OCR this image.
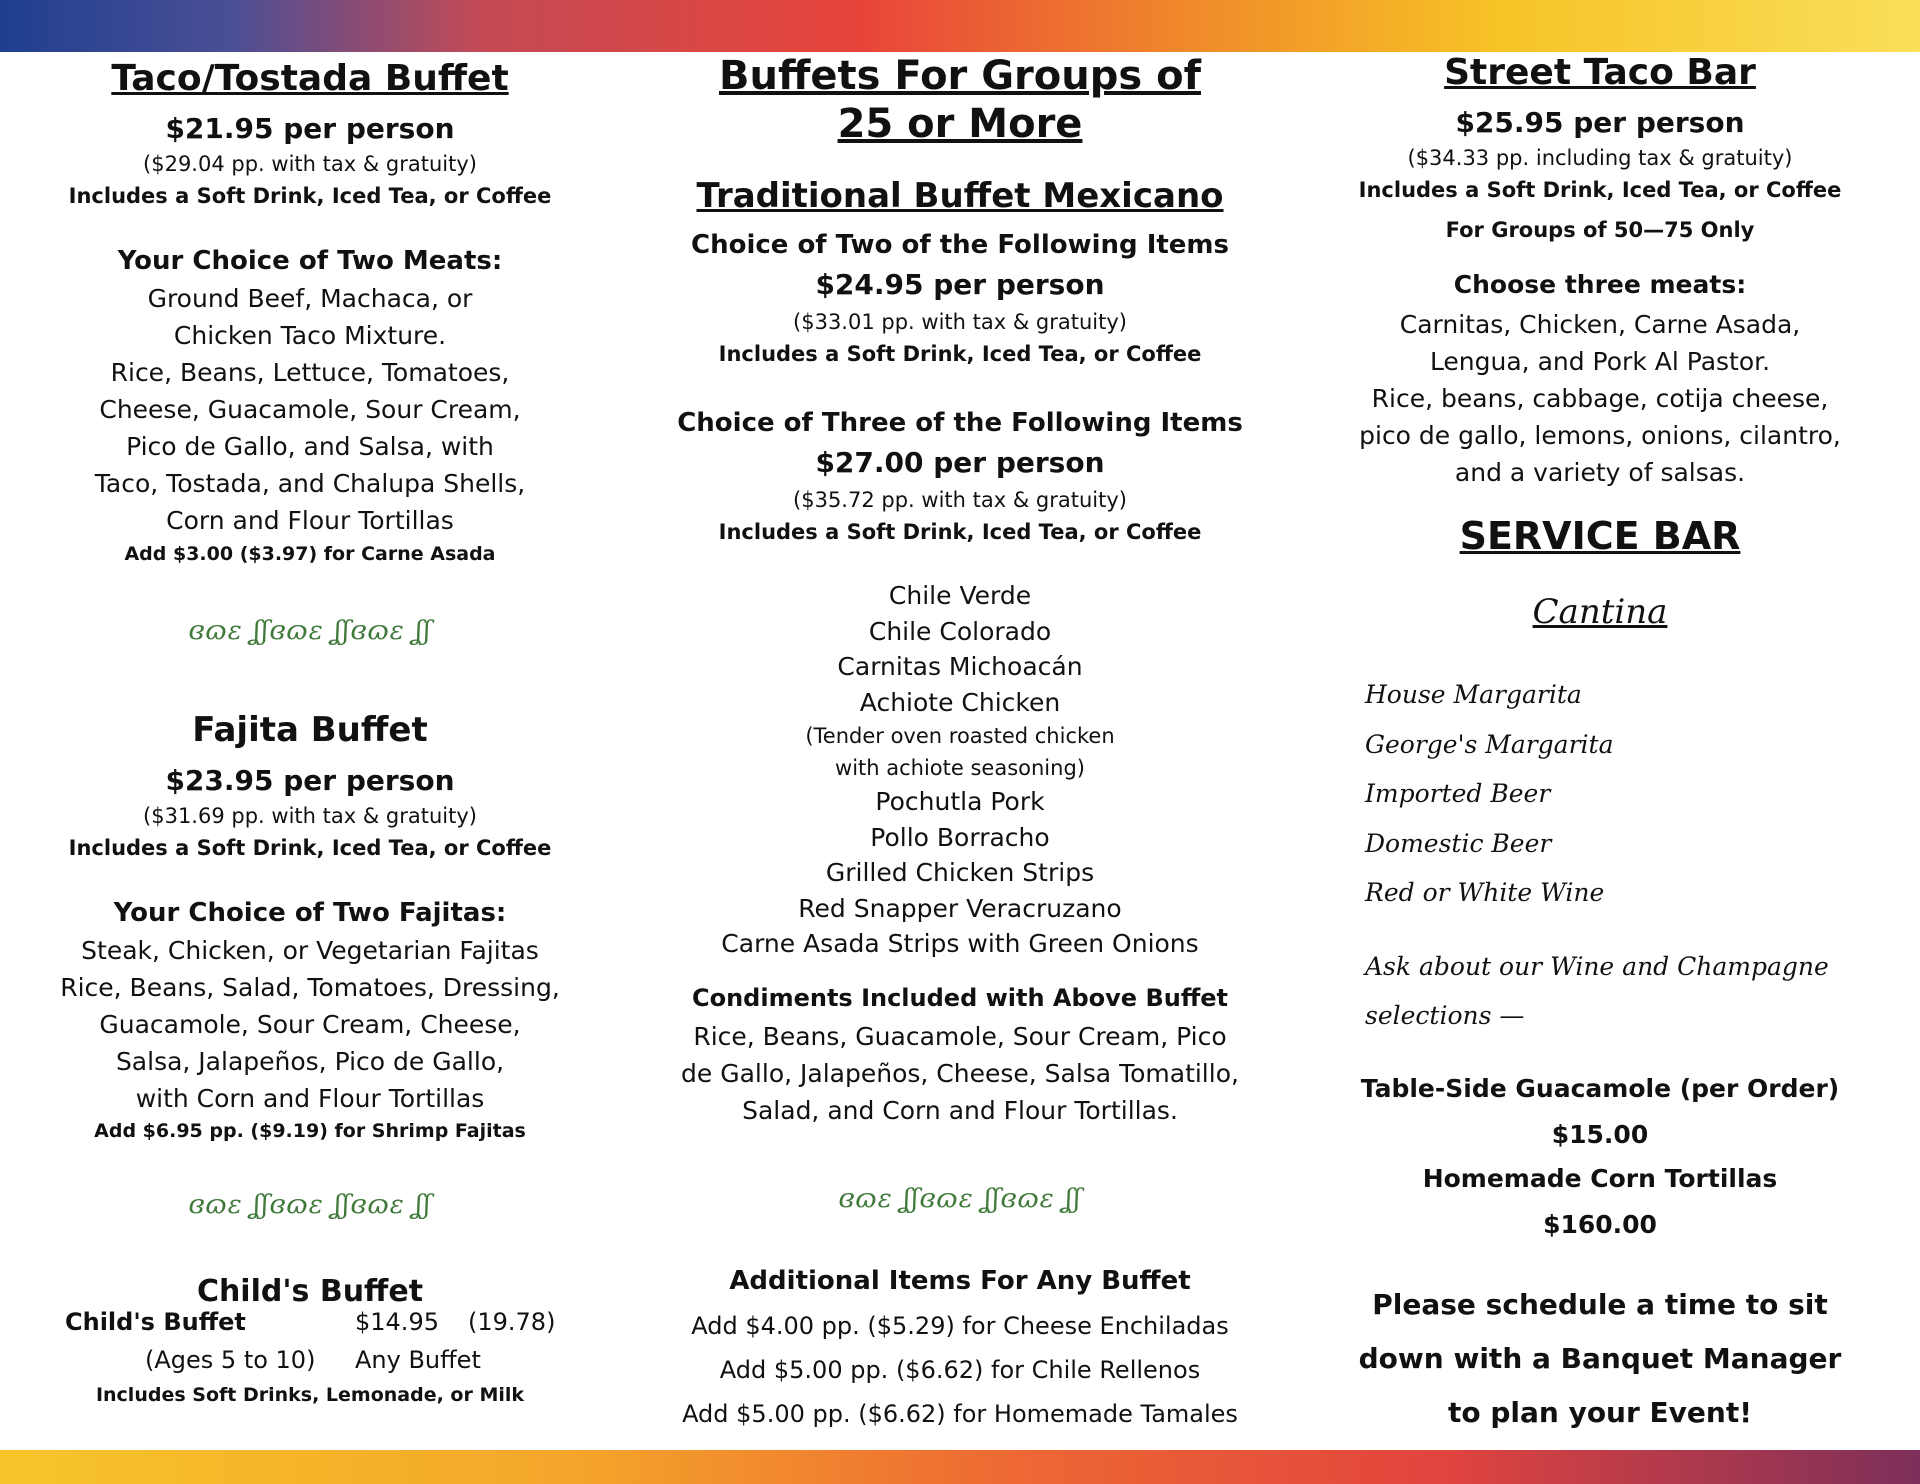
Taco/Tostada Buffet

$21.95 per person

($29.04 pp. with tax & gratuity)

Includes a Soft Drink, Iced Tea, or Coffee

Your Choice of Two Meats:

Ground Beef, Machaca, or
Chicken Taco Mixture.
Rice, Beans, Lettuce, Tomatoes,
Cheese, Guacamole, Sour Cream,
Pico de Gallo, and Salsa, with
Taco, Tostada, and Chalupa Shells,
Corn and Flour Tortillas

Add $3.00 ($3.97) for Carne Asada

ɞɷɛ ʆʃɞɷɛ ʆʃɞɷɛ ʆʃ

Fajita Buffet

$23.95 per person

($31.69 pp. with tax & gratuity)

Includes a Soft Drink, Iced Tea, or Coffee

Your Choice of Two Fajitas:

Steak, Chicken, or Vegetarian Fajitas
Rice, Beans, Salad, Tomatoes, Dressing,
Guacamole, Sour Cream, Cheese,
Salsa, Jalapeños, Pico de Gallo,
with Corn and Flour Tortillas

Add $6.95 pp. ($9.19) for Shrimp Fajitas

ɞɷɛ ʆʃɞɷɛ ʆʃɞɷɛ ʆʃ

Child's Buffet

Child's Buffet	$14.95 (19.78)
(Ages 5 to 10) Any Buffet

Includes Soft Drinks, Lemonade, or Milk

Buffets For Groups of

25 or More

Traditional Buffet Mexicano

Choice of Two of the Following Items

$24.95 per person

($33.01 pp. with tax & gratuity)

Includes a Soft Drink, Iced Tea, or Coffee

Choice of Three of the Following Items

$27.00 per person

($35.72 pp. with tax & gratuity)

Includes a Soft Drink, Iced Tea, or Coffee

Chile Verde
Chile Colorado
Carnitas Michoacán
Achiote Chicken
(Tender oven roasted chicken
with achiote seasoning)
Pochutla Pork
Pollo Borracho
Grilled Chicken Strips
Red Snapper Veracruzano
Carne Asada Strips with Green Onions

Condiments Included with Above Buffet

Rice, Beans, Guacamole, Sour Cream, Pico
de Gallo, Jalapeños, Cheese, Salsa Tomatillo,
Salad, and Corn and Flour Tortillas.

ɞɷɛ ʆʃɞɷɛ ʆʃɞɷɛ ʆʃ

Additional Items For Any Buffet

Add $4.00 pp. ($5.29) for Cheese Enchiladas
Add $5.00 pp. ($6.62) for Chile Rellenos
Add $5.00 pp. ($6.62) for Homemade Tamales

Street Taco Bar

$25.95 per person

($34.33 pp. including tax & gratuity)

Includes a Soft Drink, Iced Tea, or Coffee

For Groups of 50—75 Only

Choose three meats:

Carnitas, Chicken, Carne Asada,
Lengua, and Pork Al Pastor.
Rice, beans, cabbage, cotija cheese,
pico de gallo, lemons, onions, cilantro,
and a variety of salsas.

SERVICE BAR

Cantina

House Margarita
George's Margarita
Imported Beer
Domestic Beer
Red or White Wine
Ask about our Wine and Champagne
selections —

Table-Side Guacamole (per Order)

$15.00

Homemade Corn Tortillas

$160.00

Please schedule a time to sit
down with a Banquet Manager
to plan your Event!
